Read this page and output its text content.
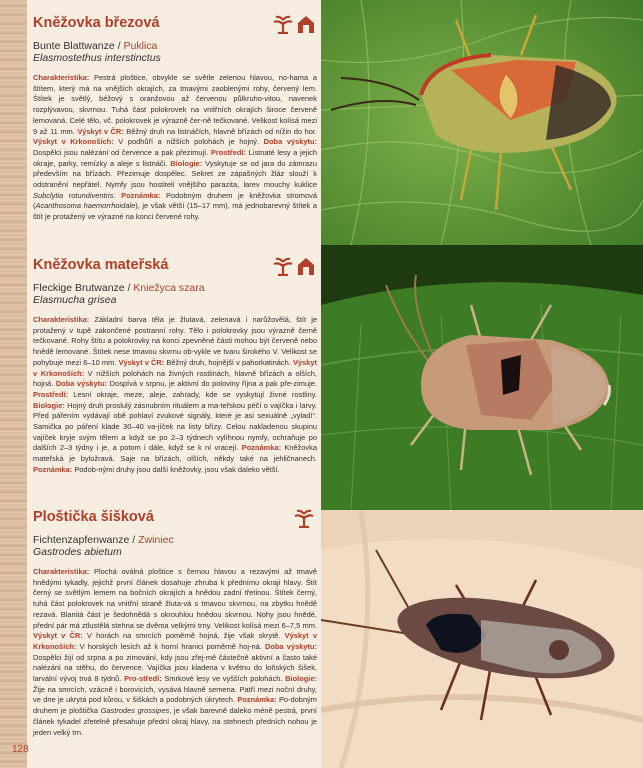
Kněžovka březová
Bunte Blattwanze / Puklica
Elasmostethus interstinctus
Charakteristika: Pestrá ploštice, obvykle se světle zelenou hlavou, no-hama a štítem, který má na vnějších okrajích, za tmavými zaoblenými rohy, červený lem. Štítek je světlý, béžový s oranžovou až červenou půlkruho-vitou, navenek rozplývavou, skvrnou. Tuhá část polokrovek na vnitřních okrajích široce červeně lemovaná. Celé tělo, vč. polokrovek je výrazně čer-ně tečkované. Velikost kolísá mezi 9 až 11 mm. Výskyt v ČR: Běžný druh na listnáčích, hlavně břízách od nížin do hor. Výskyt v Krkonoších: V podhůří a nižších polohách je hojný. Doba výskytu: Dospělci jsou nalézáni od července a pak přezimují. Prostředí: Listnaté lesy a jejich okraje, parky, remízky a aleje s listnáči. Biologie: Vyskytuje se od jara do zámrazu především na břízách. Přezimuje dospělec. Sekret ze zápašných žláz slouží k odstranění nepřátel. Nymfy jsou hostiteli vnějšího parazita, larev mouchy kuklice Subclytia rotundiventris. Poznámka: Podobným druhem je kněžovka stromová (Acanthosoma haemorrhoidale), je však větší (15–17 mm), má jednobarevný štítek a štít je protažený ve výrazné na konci červené rohy.
Kněžovka mateřská
Fleckige Brutwanze / Kniežyca szara
Elasmucha grisea
Charakteristika: Základní barva těla je žlutavá, zelenavá i narůžovělá, štít je protažený v tupě zakončené postranní rohy. Tělo i polokrovky jsou výrazně černě tečkované. Rohy štítu a polokrovky na konci zpevněné části mohou být červeně nebo hnědě lemované. Štítek nese tmavou skvrnu ob-vykle ve tvaru širokého V. Velikost se pohybuje mezi 6–10 mm. Výskyt v ČR: Běžný druh, hojnější v pahorkatinách. Výskyt v Krkonoších: V nižších polohách na živných rostlinách, hlavně břízách a olších, hojná. Doba výskytu: Dospívá v srpnu, je aktivní do poloviny října a pak pře-zimuje. Prostředí: Lesní okraje, meze, aleje, zahrady, kde se vyskytují živné rostliny. Biologie: Hojný druh proslulý zásnubním rituálem a ma-teřskou péčí o vajíčka i larvy. Před pářením vydávají obě pohlaví zvukové signály, které je asi sexuálně „vyladí“. Samička po páření klade 30–40 va-jíček na listy břízy. Celou nakladenou skupinu vajíček kryje svým tělem a když se po 2–3 týdnech vylíhnou nymfy, ochraňuje po dalších 2–3 týdny i je, a potom i dále, když se k ní vracejí. Poznámka: Kněžovka mateřská je byložravá. Saje na břízách, olších, někdy také na jehličnanech. Poznámka: Podob-nými druhy jsou další kněžovky, jsou však daleko větší.
Ploštička šišková
Fichtenzapfenwanze / Zwiniec
Gastrodes abietum
Charakteristika: Plochá oválná ploštice s černou hlavou a rezavými až tmavě hnědými tykadly, jejichž první článek dosahuje zhruba k přednímu okraji hlavy. Štít černý se světlým lemem na bočních okrajích a hnědou zadní třetinou. Štítek černý, tuhá část polokrovek na vnitřní straně žluta-vá s tmavou skvrnou, na zbytku hnědě rezavá. Blanitá část je šedohnědá s okrouhlou hnědou skvrnou. Nohy jsou hnědé, přední pár má ztlustělá stehna se dvěma velkými trny. Velikost kolísá mezi 6–7,5 mm. Výskyt v ČR: V horách na smrcích poměrně hojná, žije však skrytě. Výskyt v Krkonoších: V horských lesích až k horní hranici poměrně hoj-ná. Doba výskytu: Dospělci žijí od srpna a po zimování, kdy jsou zřej-mě částečně aktivní a často také nalézáni na stěhu, do července. Vajíčka jsou kladena v květnu do loňských šišek, larvální vývoj trvá 8 týdnů. Pro-středí: Smrkové lesy ve vyšších polohách. Biologie: Žije na smrcích, vzácně i borovicích, vysává hlavně semena. Patří mezi noční druhy, ve dne je ukrytá pod kůrou, v šiškách a podobných úkrytech. Poznámka: Po-dobným druhem je ploštička Gastrodes grossipes, je však barevně daleko méně pestrá, první článek tykadel zřetelně přesahuje přední okraj hlavy, na stehnech předních nohou je jeden velký trn.
128
